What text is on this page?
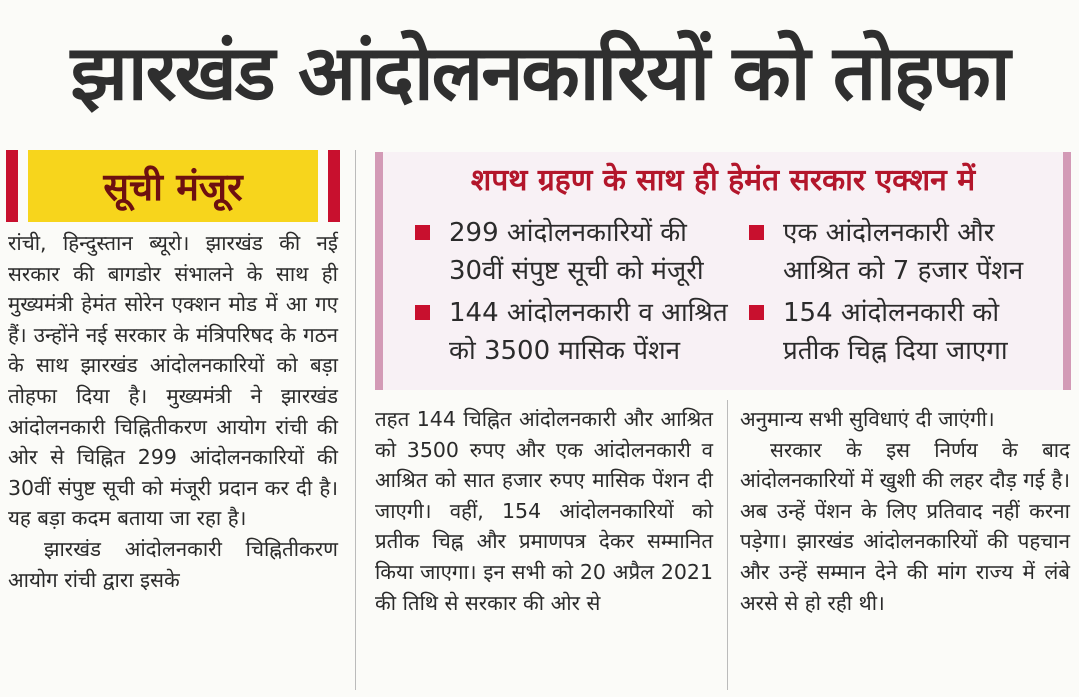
झारखंड आंदोलनकारियों को तोहफा
सूची मंजूर

रांची, हिन्दुस्तान ब्यूरो। झारखंड की नई सरकार की बागडोर संभालने के साथ ही मुख्यमंत्री हेमंत सोरेन एक्शन मोड में आ गए हैं। उन्होंने नई सरकार के मंत्रिपरिषद के गठन के साथ झारखंड आंदोलनकारियों को बड़ा तोहफा दिया है। मुख्यमंत्री ने झारखंड आंदोलनकारी चिह्नितीकरण आयोग रांची की ओर से चिह्नित 299 आंदोलनकारियों की 30वीं संपुष्ट सूची को मंजूरी प्रदान कर दी है। यह बड़ा कदम बताया जा रहा है।

झारखंड आंदोलनकारी चिह्नितीकरण आयोग रांची द्वारा इसके

शपथ ग्रहण के साथ ही हेमंत सरकार एक्शन में
299 आंदोलनकारियों की 30वीं संपुष्ट सूची को मंजूरी
144 आंदोलनकारी व आश्रित को 3500 मासिक पेंशन
एक आंदोलनकारी और आश्रित को 7 हजार पेंशन
154 आंदोलनकारी को प्रतीक चिह्न दिया जाएगा

तहत 144 चिह्नित आंदोलनकारी और आश्रित को 3500 रुपए और एक आंदोलनकारी व आश्रित को सात हजार रुपए मासिक पेंशन दी जाएगी। वहीं, 154 आंदोलनकारियों को प्रतीक चिह्न और प्रमाणपत्र देकर सम्मानित किया जाएगा। इन सभी को 20 अप्रैल 2021 की तिथि से सरकार की ओर से

अनुमान्य सभी सुविधाएं दी जाएंगी।

सरकार के इस निर्णय के बाद आंदोलनकारियों में खुशी की लहर दौड़ गई है। अब उन्हें पेंशन के लिए प्रतिवाद नहीं करना पड़ेगा। झारखंड आंदोलनकारियों की पहचान और उन्हें सम्मान देने की मांग राज्य में लंबे अरसे से हो रही थी।
